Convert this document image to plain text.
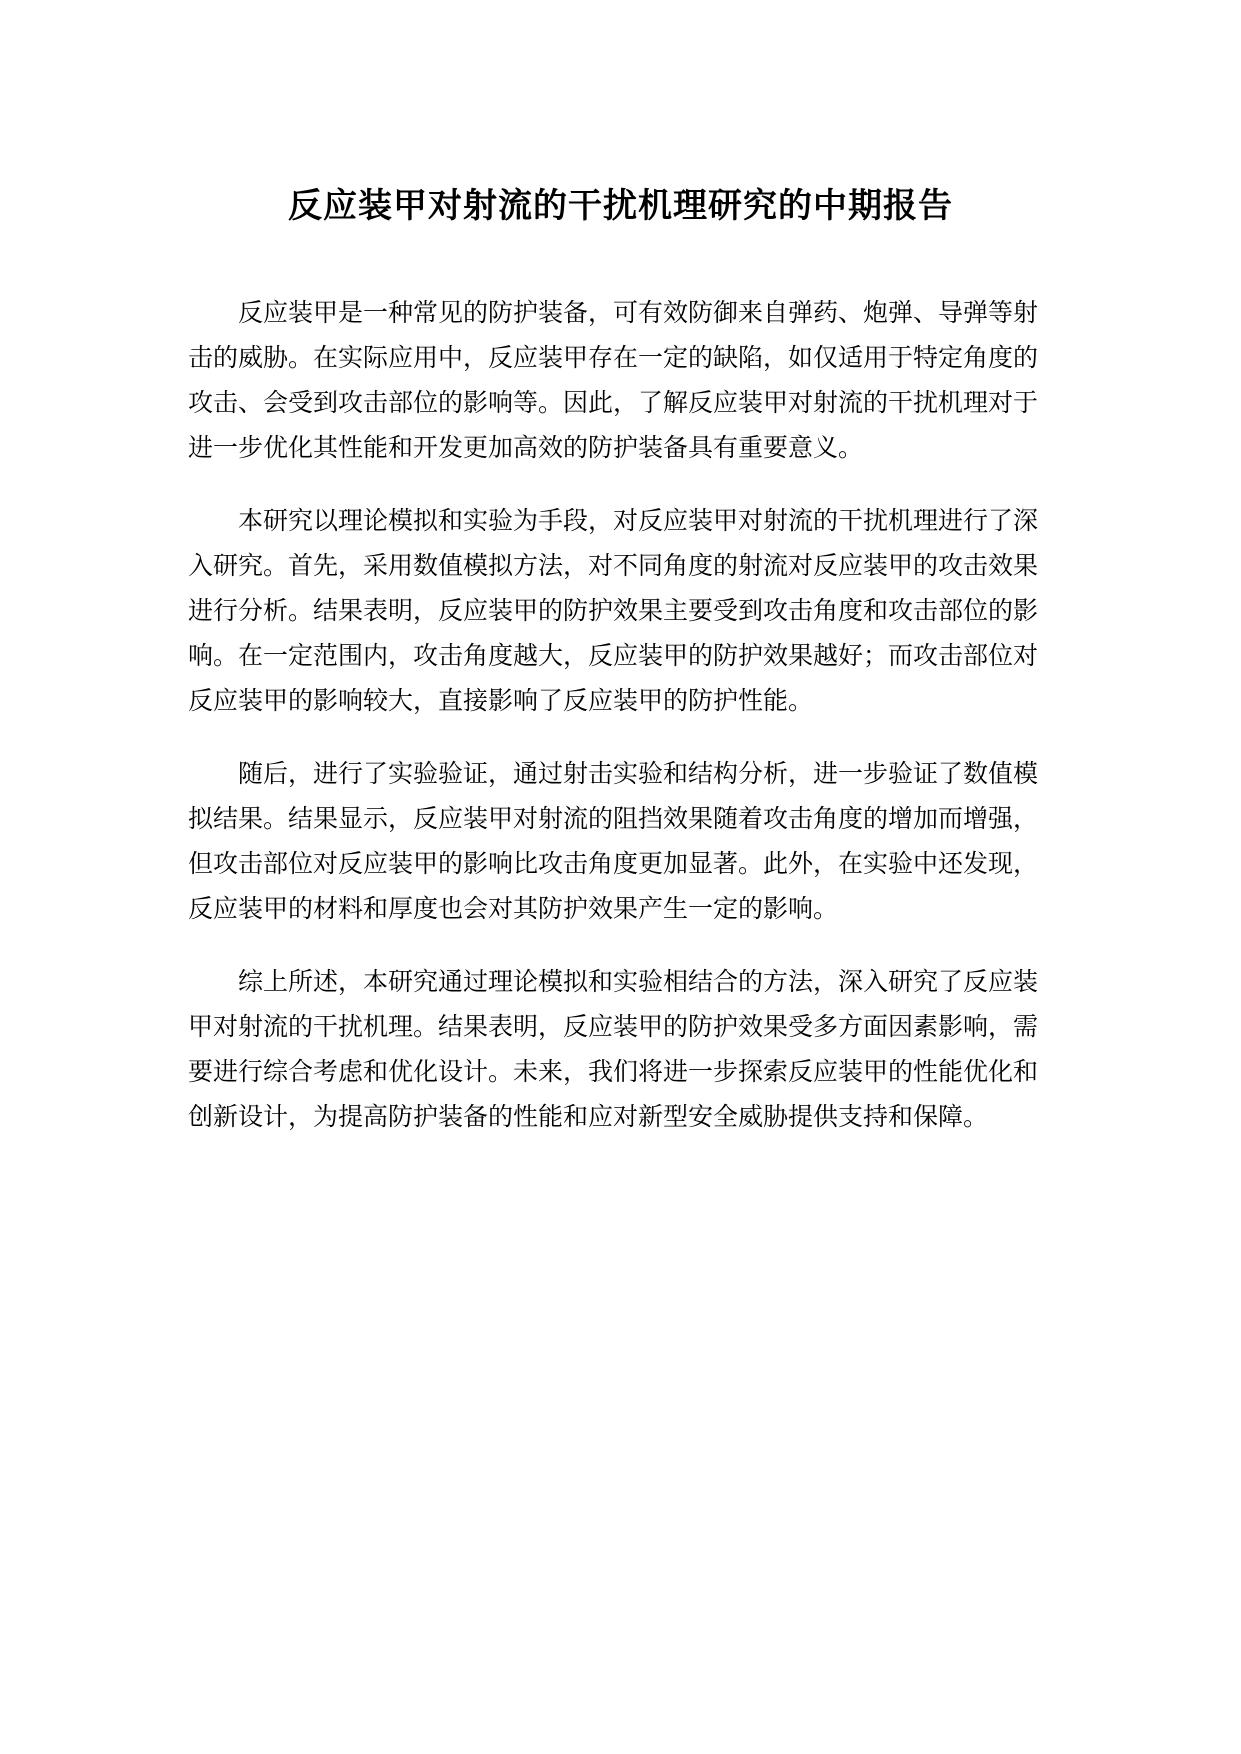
反应装甲对射流的干扰机理研究的中期报告

反应装甲是一种常见的防护装备，可有效防御来自弹药、炮弹、导弹等射击的威胁。在实际应用中，反应装甲存在一定的缺陷，如仅适用于特定角度的攻击、会受到攻击部位的影响等。因此，了解反应装甲对射流的干扰机理对于进一步优化其性能和开发更加高效的防护装备具有重要意义。

本研究以理论模拟和实验为手段，对反应装甲对射流的干扰机理进行了深入研究。首先，采用数值模拟方法，对不同角度的射流对反应装甲的攻击效果进行分析。结果表明，反应装甲的防护效果主要受到攻击角度和攻击部位的影响。在一定范围内，攻击角度越大，反应装甲的防护效果越好；而攻击部位对反应装甲的影响较大，直接影响了反应装甲的防护性能。

随后，进行了实验验证，通过射击实验和结构分析，进一步验证了数值模拟结果。结果显示，反应装甲对射流的阻挡效果随着攻击角度的增加而增强，但攻击部位对反应装甲的影响比攻击角度更加显著。此外，在实验中还发现，反应装甲的材料和厚度也会对其防护效果产生一定的影响。

综上所述，本研究通过理论模拟和实验相结合的方法，深入研究了反应装甲对射流的干扰机理。结果表明，反应装甲的防护效果受多方面因素影响，需要进行综合考虑和优化设计。未来，我们将进一步探索反应装甲的性能优化和创新设计，为提高防护装备的性能和应对新型安全威胁提供支持和保障。
